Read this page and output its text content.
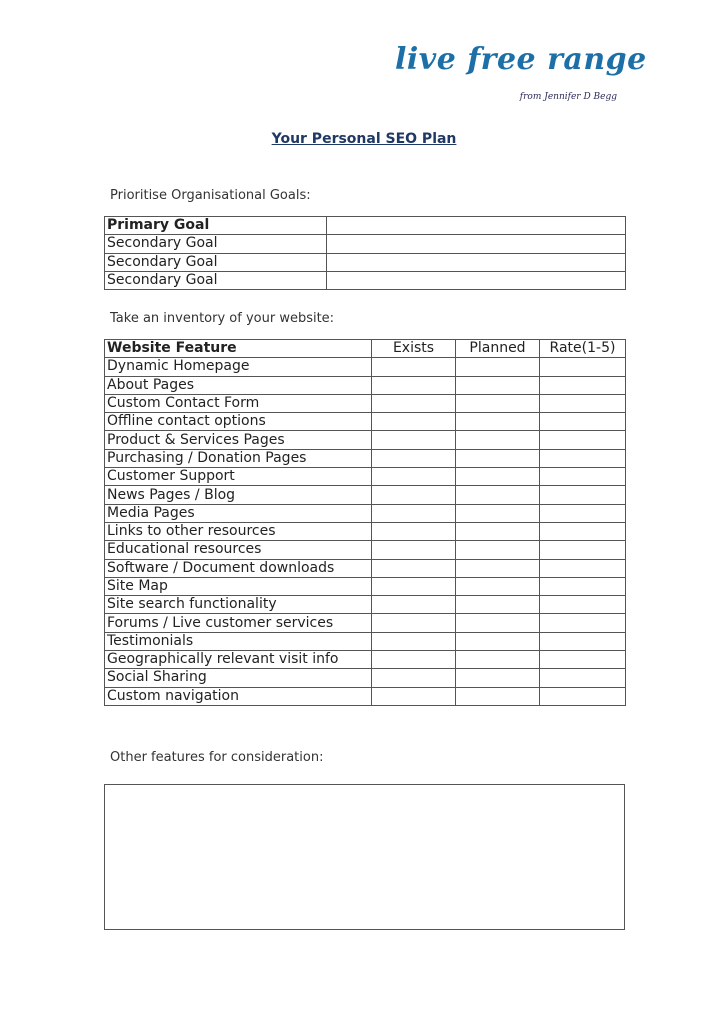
live free range
from Jennifer D Begg
Your Personal SEO Plan
Prioritise Organisational Goals:
Primary Goal	
Secondary Goal	
Secondary Goal	
Secondary Goal	
Take an inventory of your website:
Website Feature	Exists	Planned	Rate(1-5)
Dynamic Homepage			
About Pages			
Custom Contact Form			
Offline contact options			
Product & Services Pages			
Purchasing / Donation Pages			
Customer Support			
News Pages / Blog			
Media Pages			
Links to other resources			
Educational resources			
Software / Document downloads			
Site Map			
Site search functionality			
Forums / Live customer services			
Testimonials			
Geographically relevant visit info			
Social Sharing			
Custom navigation			
Other features for consideration:
